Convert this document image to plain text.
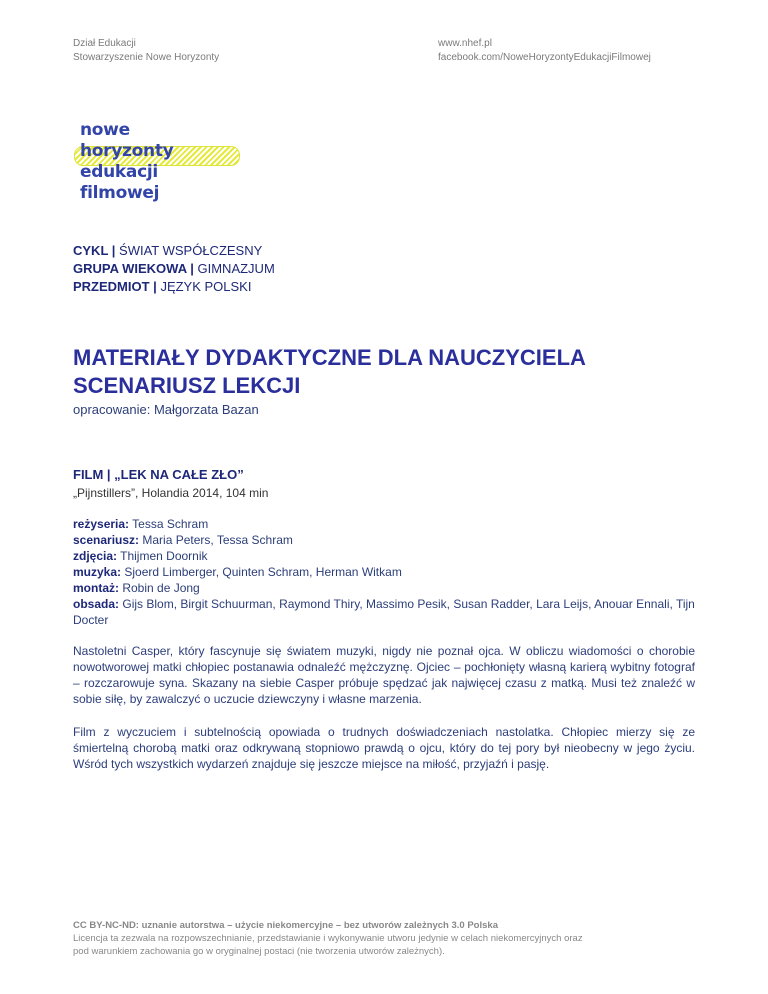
Dział Edukacji
Stowarzyszenie Nowe Horyzonty
www.nhef.pl
facebook.com/NoweHoryzontyEdukacjiFilmowej
nowe
horyzonty
edukacji
filmowej
CYKL | ŚWIAT WSPÓŁCZESNY
GRUPA WIEKOWA | GIMNAZJUM
PRZEDMIOT | JĘZYK POLSKI
MATERIAŁY DYDAKTYCZNE DLA NAUCZYCIELA
SCENARIUSZ LEKCJI
opracowanie: Małgorzata Bazan
FILM | „LEK NA CAŁE ZŁO”
„Pijnstillers”, Holandia 2014, 104 min
reżyseria: Tessa Schram
scenariusz: Maria Peters, Tessa Schram
zdjęcia: Thijmen Doornik
muzyka: Sjoerd Limberger, Quinten Schram, Herman Witkam
montaż: Robin de Jong
obsada: Gijs Blom, Birgit Schuurman, Raymond Thiry, Massimo Pesik, Susan Radder, Lara Leijs, Anouar Ennali, Tijn Docter

Nastoletni Casper, który fascynuje się światem muzyki, nigdy nie poznał ojca. W obliczu wiadomości o chorobie nowotworowej matki chłopiec postanawia odnaleźć mężczyznę. Ojciec – pochłonięty własną karierą wybitny fotograf – rozczarowuje syna. Skazany na siebie Casper próbuje spędzać jak najwięcej czasu z matką. Musi też znaleźć w sobie siłę, by zawalczyć o uczucie dziewczyny i własne marzenia.

Film z wyczuciem i subtelnością opowiada o trudnych doświadczeniach nastolatka. Chłopiec mierzy się ze śmiertelną chorobą matki oraz odkrywaną stopniowo prawdą o ojcu, który do tej pory był nieobecny w jego życiu. Wśród tych wszystkich wydarzeń znajduje się jeszcze miejsce na miłość, przyjaźń i pasję.

CC BY-NC-ND: uznanie autorstwa – użycie niekomercyjne – bez utworów zależnych 3.0 Polska
Licencja ta zezwala na rozpowszechnianie, przedstawianie i wykonywanie utworu jedynie w celach niekomercyjnych oraz
pod warunkiem zachowania go w oryginalnej postaci (nie tworzenia utworów zależnych).
